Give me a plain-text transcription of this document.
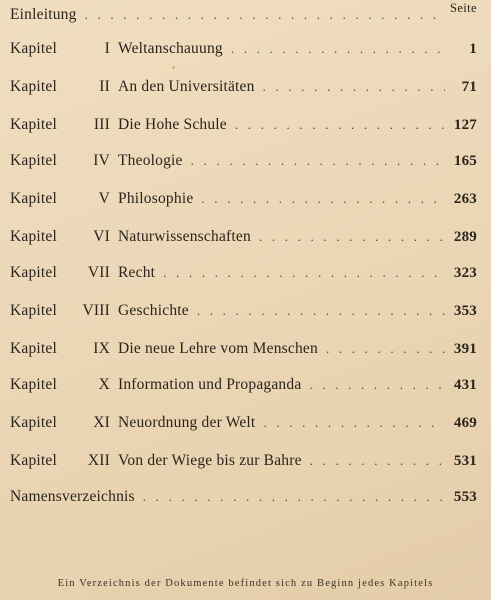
Seite
Einleitung
. . .
Kapitel	I Weltanschauung . . .	1
Kapitel	II An den Universitäten . . .	71
Kapitel	III Die Hohe Schule . . .	127
Kapitel	IV Theologie . . .	165
Kapitel	V Philosophie . . .	263
Kapitel	VI Naturwissenschaften . . .	289
Kapitel	VII Recht . . .	323
Kapitel	VIII Geschichte . . .	353
Kapitel	IX Die neue Lehre vom Menschen . . .	391
Kapitel	X Information und Propaganda . . .	431
Kapitel	XI Neuordnung der Welt . . .	469
Kapitel	XII Von der Wiege bis zur Bahre . . .	531
Namensverzeichnis . . .	553
Ein Verzeichnis der Dokumente befindet sich zu Beginn jedes Kapitels
